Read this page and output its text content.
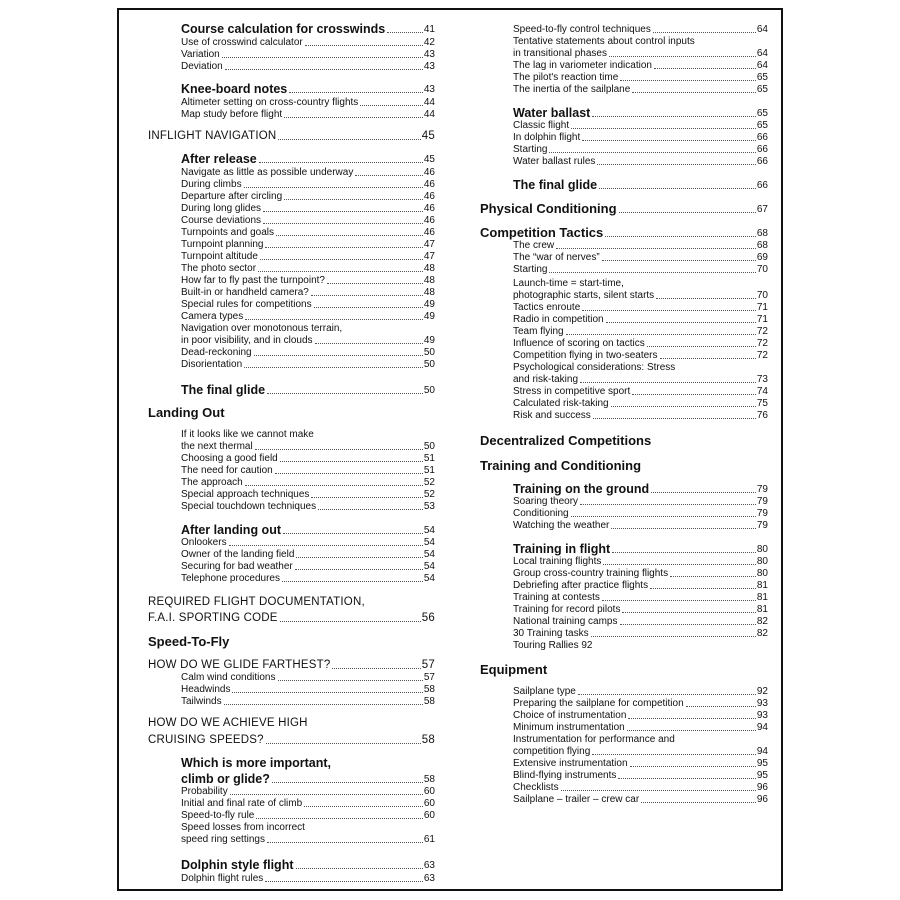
Course calculation for crosswinds	41
Use of crosswind calculator	42
Variation	43
Deviation	43
Knee-board notes	43
Altimeter setting on cross-country flights	44
Map study before flight	44
INFLIGHT NAVIGATION	45
After release	45
Navigate as little as possible underway	46
During climbs	46
Departure after circling	46
During long glides	46
Course deviations	46
Turnpoints and goals	46
Turnpoint planning	47
Turnpoint altitude	47
The photo sector	48
How far to fly past the turnpoint?	48
Built-in or handheld camera?	48
Special rules for competitions	49
Camera types	49
Navigation over monotonous terrain,
in poor visibility, and in clouds	49
Dead-reckoning	50
Disorientation	50
The final glide	50
Landing Out
If it looks like we cannot make
the next thermal	50
Choosing a good field	51
The need for caution	51
The approach	52
Special approach techniques	52
Special touchdown techniques	53
After landing out	54
Onlookers	54
Owner of the landing field	54
Securing for bad weather	54
Telephone procedures	54
REQUIRED FLIGHT DOCUMENTATION,
F.A.I. SPORTING CODE	56
Speed-To-Fly
HOW DO WE GLIDE FARTHEST?	57
Calm wind conditions	57
Headwinds	58
Tailwinds	58
HOW DO WE ACHIEVE HIGH
CRUISING SPEEDS?	58
Which is more important,
climb or glide?	58
Probability	60
Initial and final rate of climb	60
Speed-to-fly rule	60
Speed losses from incorrect
speed ring settings	61
Dolphin style flight	63
Dolphin flight rules	63
Speed-to-fly control techniques	64
Tentative statements about control inputs
in transitional phases	64
The lag in variometer indication	64
The pilot's reaction time	65
The inertia of the sailplane	65
Water ballast	65
Classic flight	65
In dolphin flight	66
Starting	66
Water ballast rules	66
The final glide	66
Physical Conditioning	67
Competition Tactics	68
The crew	68
The “war of nerves”	69
Starting	70
Launch-time = start-time,
photographic starts, silent starts	70
Tactics enroute	71
Radio in competition	71
Team flying	72
Influence of scoring on tactics	72
Competition flying in two-seaters	72
Psychological considerations: Stress
and risk-taking	73
Stress in competitive sport	74
Calculated risk-taking	75
Risk and success	76
Decentralized Competitions
Training and Conditioning
Training on the ground	79
Soaring theory	79
Conditioning	79
Watching the weather	79
Training in flight	80
Local training flights	80
Group cross-country training flights	80
Debriefing after practice flights	81
Training at contests	81
Training for record pilots	81
National training camps	82
30 Training tasks	82
Touring Rallies 92
Equipment
Sailplane type	92
Preparing the sailplane for competition	93
Choice of instrumentation	93
Minimum instrumentation	94
Instrumentation for performance and
competition flying	94
Extensive instrumentation	95
Blind-flying instruments	95
Checklists	96
Sailplane – trailer – crew car	96
